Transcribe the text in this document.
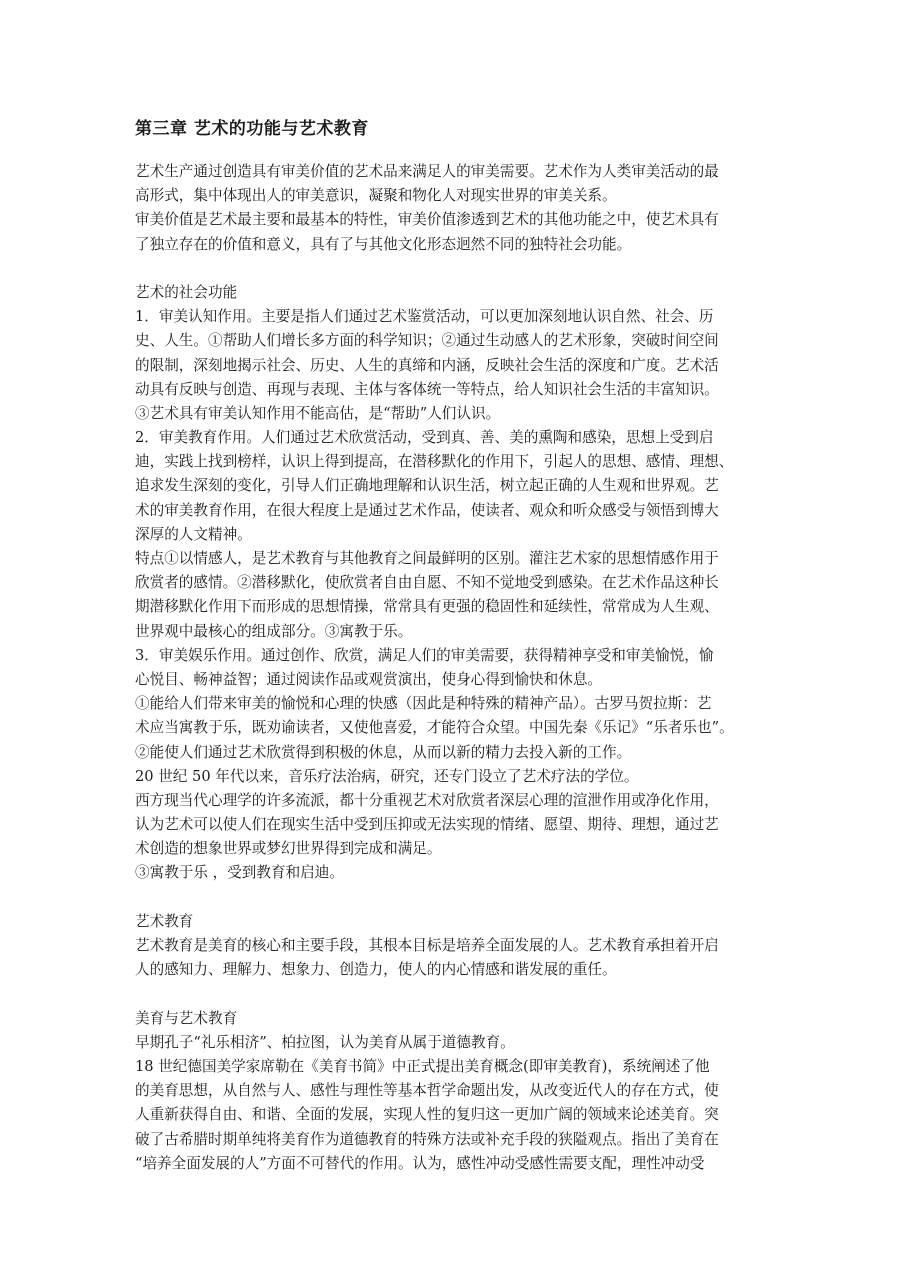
第三章 艺术的功能与艺术教育
艺术生产通过创造具有审美价值的艺术品来满足人的审美需要。艺术作为人类审美活动的最
高形式，集中体现出人的审美意识，凝聚和物化人对现实世界的审美关系。
审美价值是艺术最主要和最基本的特性，审美价值渗透到艺术的其他功能之中，使艺术具有
了独立存在的价值和意义，具有了与其他文化形态迥然不同的独特社会功能。
艺术的社会功能
1．审美认知作用。主要是指人们通过艺术鉴赏活动，可以更加深刻地认识自然、社会、历
史、人生。①帮助人们增长多方面的科学知识；②通过生动感人的艺术形象，突破时间空间
的限制，深刻地揭示社会、历史、人生的真缔和内涵，反映社会生活的深度和广度。艺术活
动具有反映与创造、再现与表现、主体与客体统一等特点，给人知识社会生活的丰富知识。
③艺术具有审美认知作用不能高估，是“帮助”人们认识。
2．审美教育作用。人们通过艺术欣赏活动，受到真、善、美的熏陶和感染，思想上受到启
迪，实践上找到榜样，认识上得到提高，在潜移默化的作用下，引起人的思想、感情、理想、
追求发生深刻的变化，引导人们正确地理解和认识生活，树立起正确的人生观和世界观。艺
术的审美教育作用，在很大程度上是通过艺术作品，使读者、观众和听众感受与领悟到博大
深厚的人文精神。
特点①以情感人，是艺术教育与其他教育之间最鲜明的区别。灌注艺术家的思想情感作用于
欣赏者的感情。②潜移默化，使欣赏者自由自愿、不知不觉地受到感染。在艺术作品这种长
期潜移默化作用下而形成的思想情操，常常具有更强的稳固性和延续性，常常成为人生观、
世界观中最核心的组成部分。③寓教于乐。
3．审美娱乐作用。通过创作、欣赏，满足人们的审美需要，获得精神享受和审美愉悦，愉
心悦目、畅神益智；通过阅读作品或观赏演出，使身心得到愉快和休息。
①能给人们带来审美的愉悦和心理的快感（因此是种特殊的精神产品）。古罗马贺拉斯：艺
术应当寓教于乐，既劝谕读者，又使他喜爱，才能符合众望。中国先秦《乐记》“乐者乐也”。
②能使人们通过艺术欣赏得到积极的休息，从而以新的精力去投入新的工作。
20 世纪 50 年代以来，音乐疗法治病，研究，还专门设立了艺术疗法的学位。
西方现当代心理学的许多流派，都十分重视艺术对欣赏者深层心理的渲泄作用或净化作用，
认为艺术可以使人们在现实生活中受到压抑或无法实现的情绪、愿望、期待、理想，通过艺
术创造的想象世界或梦幻世界得到完成和满足。
③寓教于乐 ，受到教育和启迪。
艺术教育
艺术教育是美育的核心和主要手段，其根本目标是培养全面发展的人。艺术教育承担着开启
人的感知力、理解力、想象力、创造力，使人的内心情感和谐发展的重任。
美育与艺术教育
早期孔子“礼乐相济”、柏拉图，认为美育从属于道德教育。
18 世纪德国美学家席勒在《美育书简》中正式提出美育概念(即审美教育)，系统阐述了他
的美育思想，从自然与人、感性与理性等基本哲学命题出发，从改变近代人的存在方式，使
人重新获得自由、和谐、全面的发展，实现人性的复归这一更加广阔的领域来论述美育。突
破了古希腊时期单纯将美育作为道德教育的特殊方法或补充手段的狭隘观点。指出了美育在
“培养全面发展的人”方面不可替代的作用。认为，感性冲动受感性需要支配，理性冲动受
